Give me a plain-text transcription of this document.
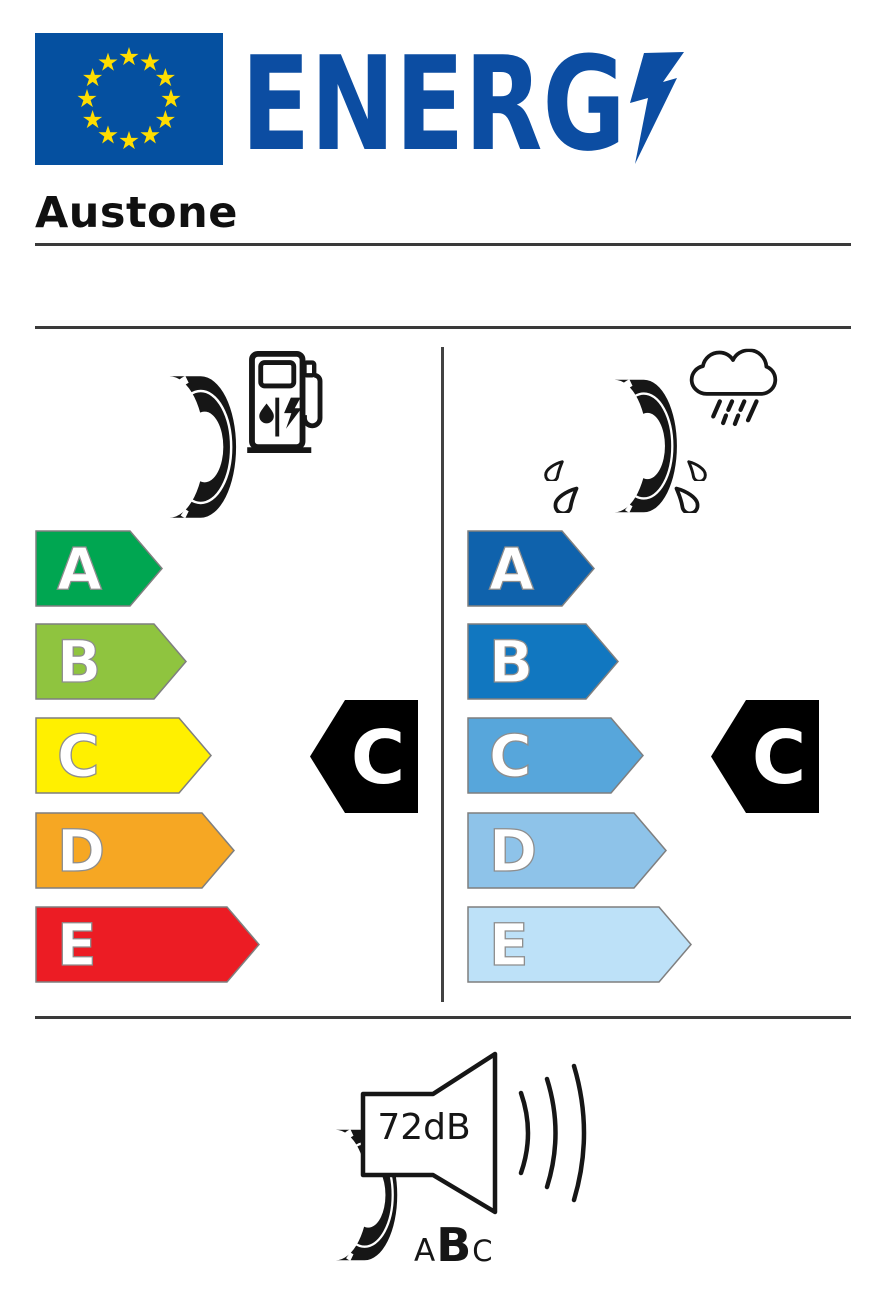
ENERG
Austone
A
B
C
D
E
C
A
B
C
D
E
C
72dB
A B C
